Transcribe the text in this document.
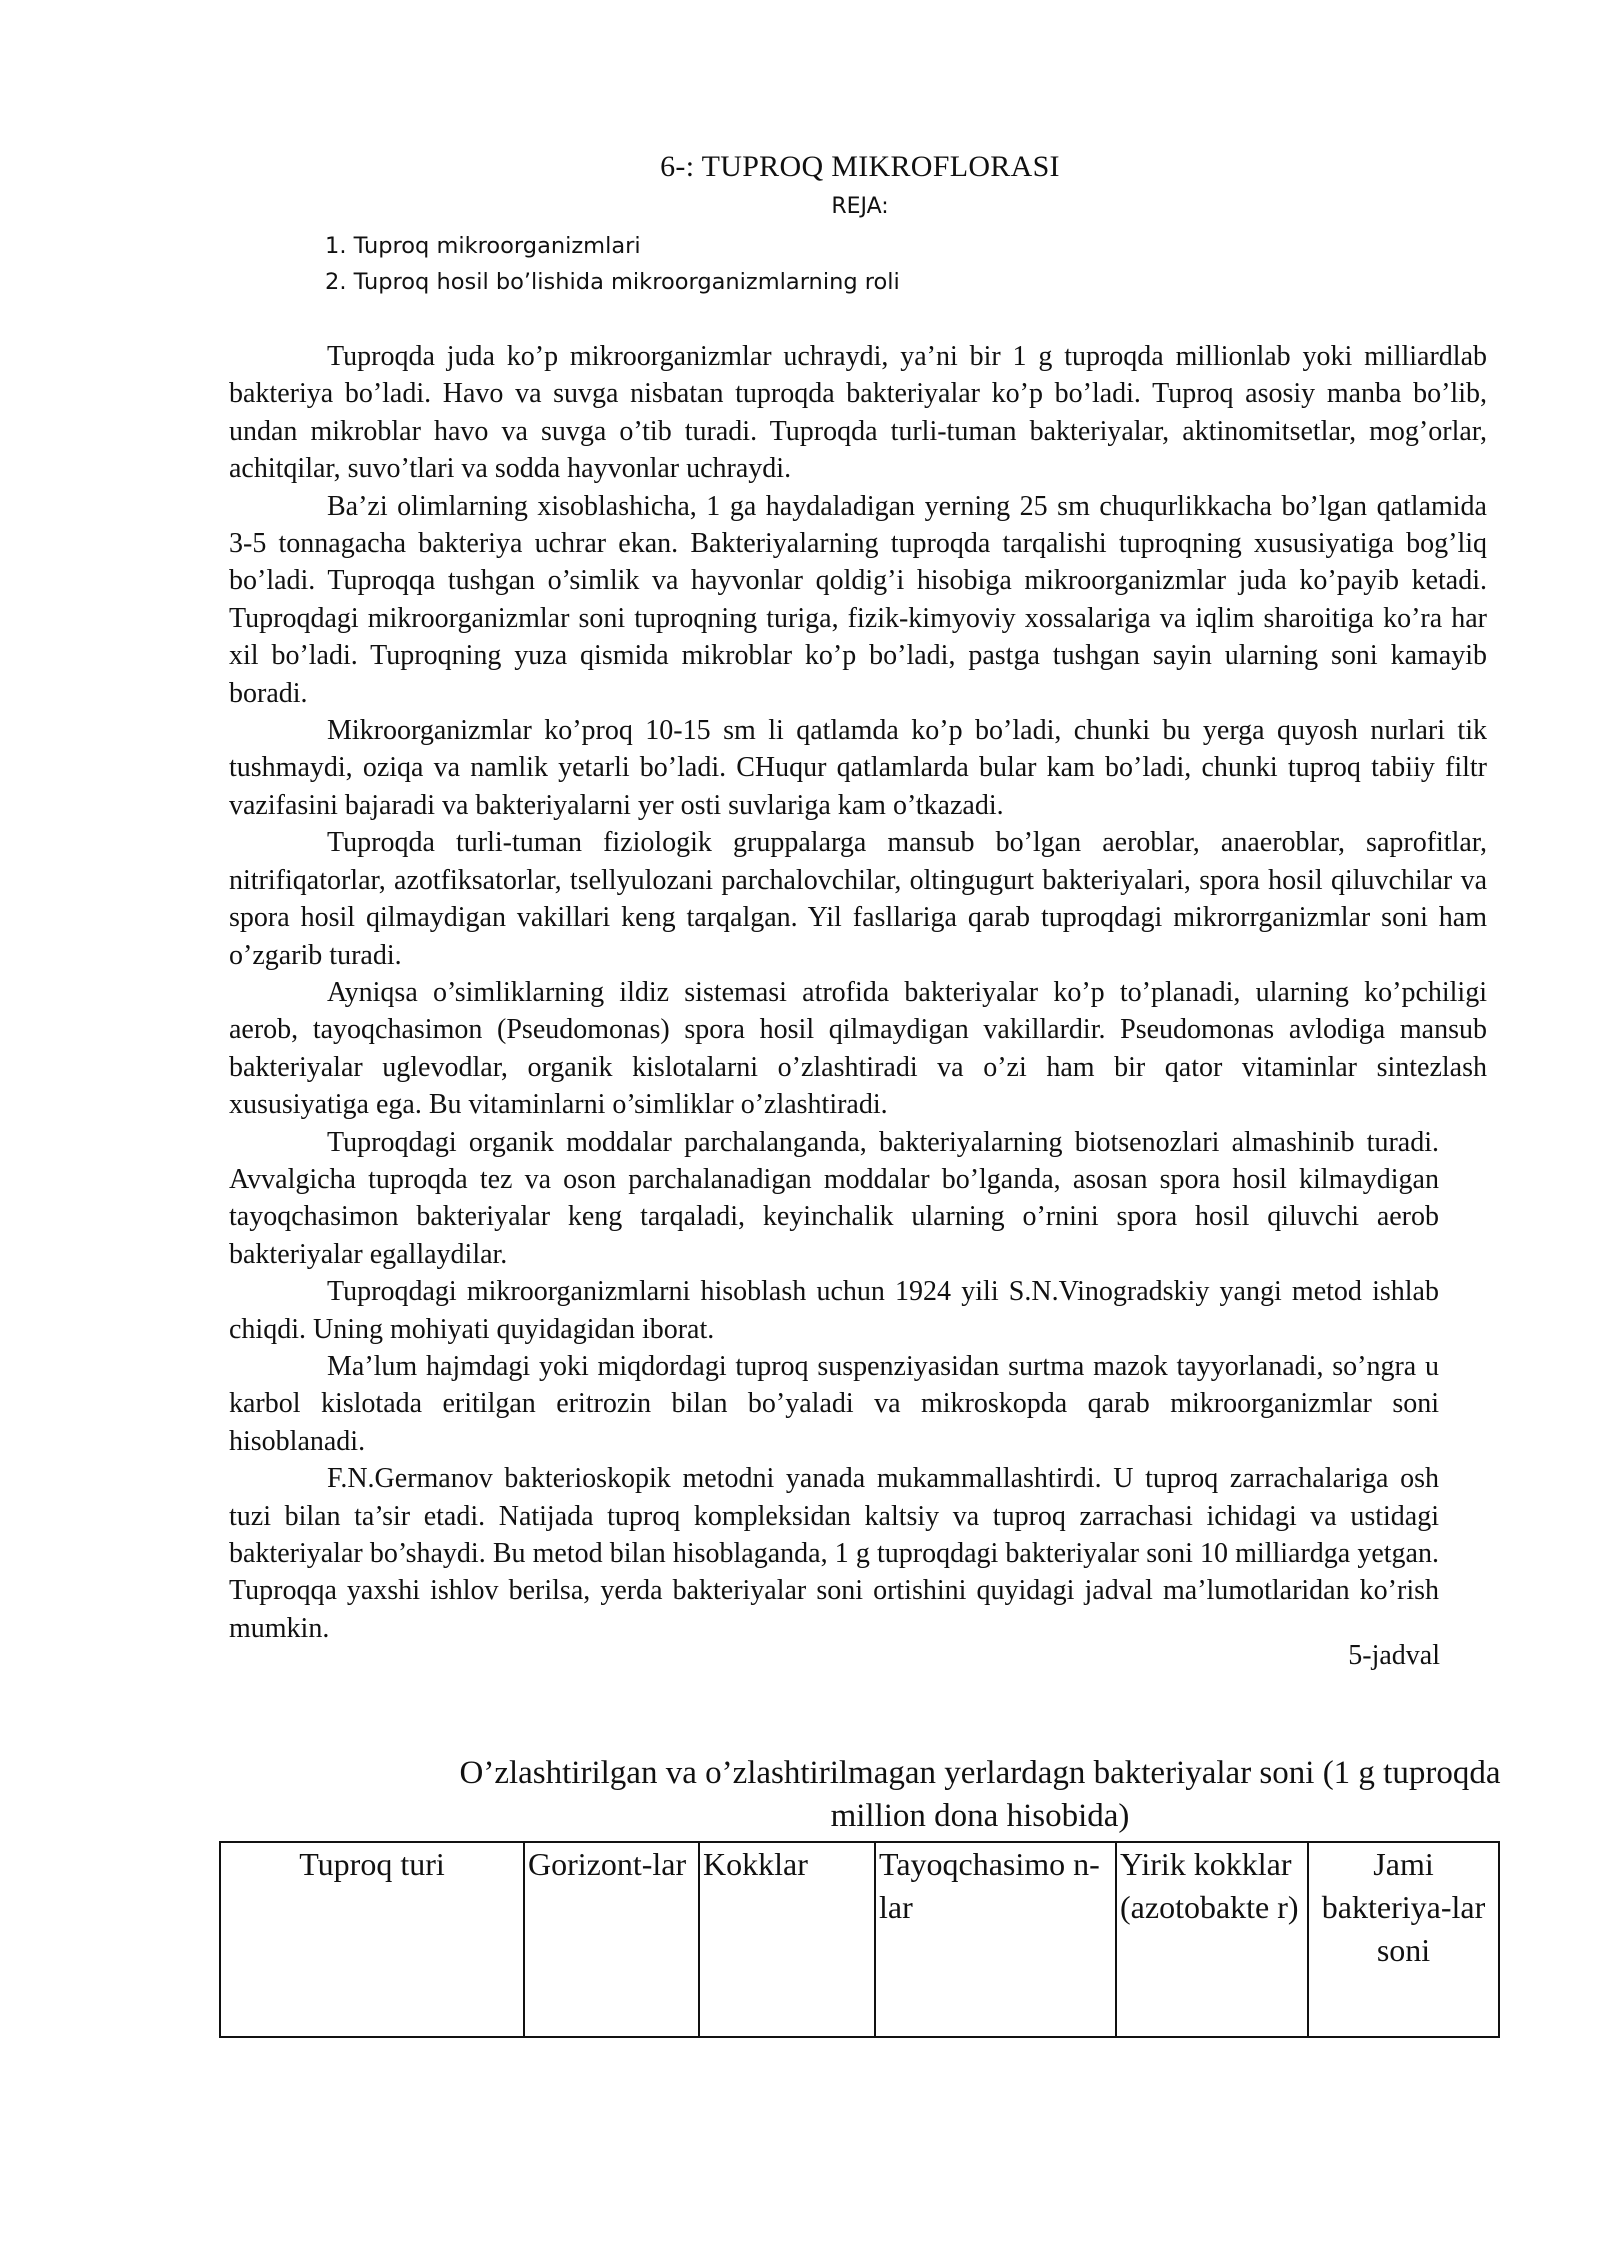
6-: TUPROQ MIKROFLORASI
REJA:
1. Tuproq mikroorganizmlari
2. Tuproq hosil bo’lishida mikroorganizmlarning roli

Tuproqda juda ko’p mikroorganizmlar uchraydi, ya’ni bir 1 g tuproqda millionlab yoki milliardlab bakteriya bo’ladi. Havo va suvga nisbatan tuproqda bakteriyalar ko’p bo’ladi. Tuproq asosiy manba bo’lib, undan mikroblar havo va suvga o’tib turadi. Tuproqda turli-tuman bakteriyalar, aktinomitsetlar, mog’orlar, achitqilar, suvo’tlari va sodda hayvonlar uchraydi.

Ba’zi olimlarning xisoblashicha, 1 ga haydaladigan yerning 25 sm chuqurlikkacha bo’lgan qatlamida 3-5 tonnagacha bakteriya uchrar ekan. Bakteriyalarning tuproqda tarqalishi tuproqning xususiyatiga bog’liq bo’ladi. Tuproqqa tushgan o’simlik va hayvonlar qoldig’i hisobiga mikroorganizmlar juda ko’payib ketadi. Tuproqdagi mikroorganizmlar soni tuproqning turiga, fizik-kimyoviy xossalariga va iqlim sharoitiga ko’ra har xil bo’ladi. Tuproqning yuza qismida mikroblar ko’p bo’ladi, pastga tushgan sayin ularning soni kamayib boradi.

Mikroorganizmlar ko’proq 10-15 sm li qatlamda ko’p bo’ladi, chunki bu yerga quyosh nurlari tik tushmaydi, oziqa va namlik yetarli bo’ladi. CHuqur qatlamlarda bular kam bo’ladi, chunki tuproq tabiiy filtr vazifasini bajaradi va bakteriyalarni yer osti suvlariga kam o’tkazadi.

Tuproqda turli-tuman fiziologik gruppalarga mansub bo’lgan aeroblar, anaeroblar, saprofitlar, nitrifiqatorlar, azotfiksatorlar, tsellyulozani parchalovchilar, oltingugurt bakteriyalari, spora hosil qiluvchilar va spora hosil qilmaydigan vakillari keng tarqalgan. Yil fasllariga qarab tuproqdagi mikrorrganizmlar soni ham o’zgarib turadi.

Ayniqsa o’simliklarning ildiz sistemasi atrofida bakteriyalar ko’p to’planadi, ularning ko’pchiligi aerob, tayoqchasimon (Pseudomonas) spora hosil qilmaydigan vakillardir. Pseudomonas avlodiga mansub bakteriyalar uglevodlar, organik kislotalarni o’zlashtiradi va o’zi ham bir qator vitaminlar sintezlash xususiyatiga ega. Bu vitaminlarni o’simliklar o’zlashtiradi.

Tuproqdagi organik moddalar parchalanganda, bakteriyalarning biotsenozlari almashinib turadi. Avvalgicha tuproqda tez va oson parchalanadigan moddalar bo’lganda, asosan spora hosil kilmaydigan tayoqchasimon bakteriyalar keng tarqaladi, keyinchalik ularning o’rnini spora hosil qiluvchi aerob bakteriyalar egallaydilar.

Tuproqdagi mikroorganizmlarni hisoblash uchun 1924 yili S.N.Vinogradskiy yangi metod ishlab chiqdi. Uning mohiyati quyidagidan iborat.

Ma’lum hajmdagi yoki miqdordagi tuproq suspenziyasidan surtma mazok tayyorlanadi, so’ngra u karbol kislotada eritilgan eritrozin bilan bo’yaladi va mikroskopda qarab mikroorganizmlar soni hisoblanadi.

F.N.Germanov bakterioskopik metodni yanada mukammallashtirdi. U tuproq zarrachalariga osh tuzi bilan ta’sir etadi. Natijada tuproq kompleksidan kaltsiy va tuproq zarrachasi ichidagi va ustidagi bakteriyalar bo’shaydi. Bu metod bilan hisoblaganda, 1 g tuproqdagi bakteriyalar soni 10 milliardga yetgan. Tuproqqa yaxshi ishlov berilsa, yerda bakteriyalar soni ortishini quyidagi jadval ma’lumotlaridan ko’rish mumkin.

5-jadval
O’zlashtirilgan va o’zlashtirilmagan yerlardagn bakteriyalar soni (1 g tuproqda million dona hisobida)
Tuproq turi	Gorizont-lar	Kokklar	Tayoqchasimo n-lar	Yirik kokklar (azotobakte r)	Jami bakteriya-lar soni
